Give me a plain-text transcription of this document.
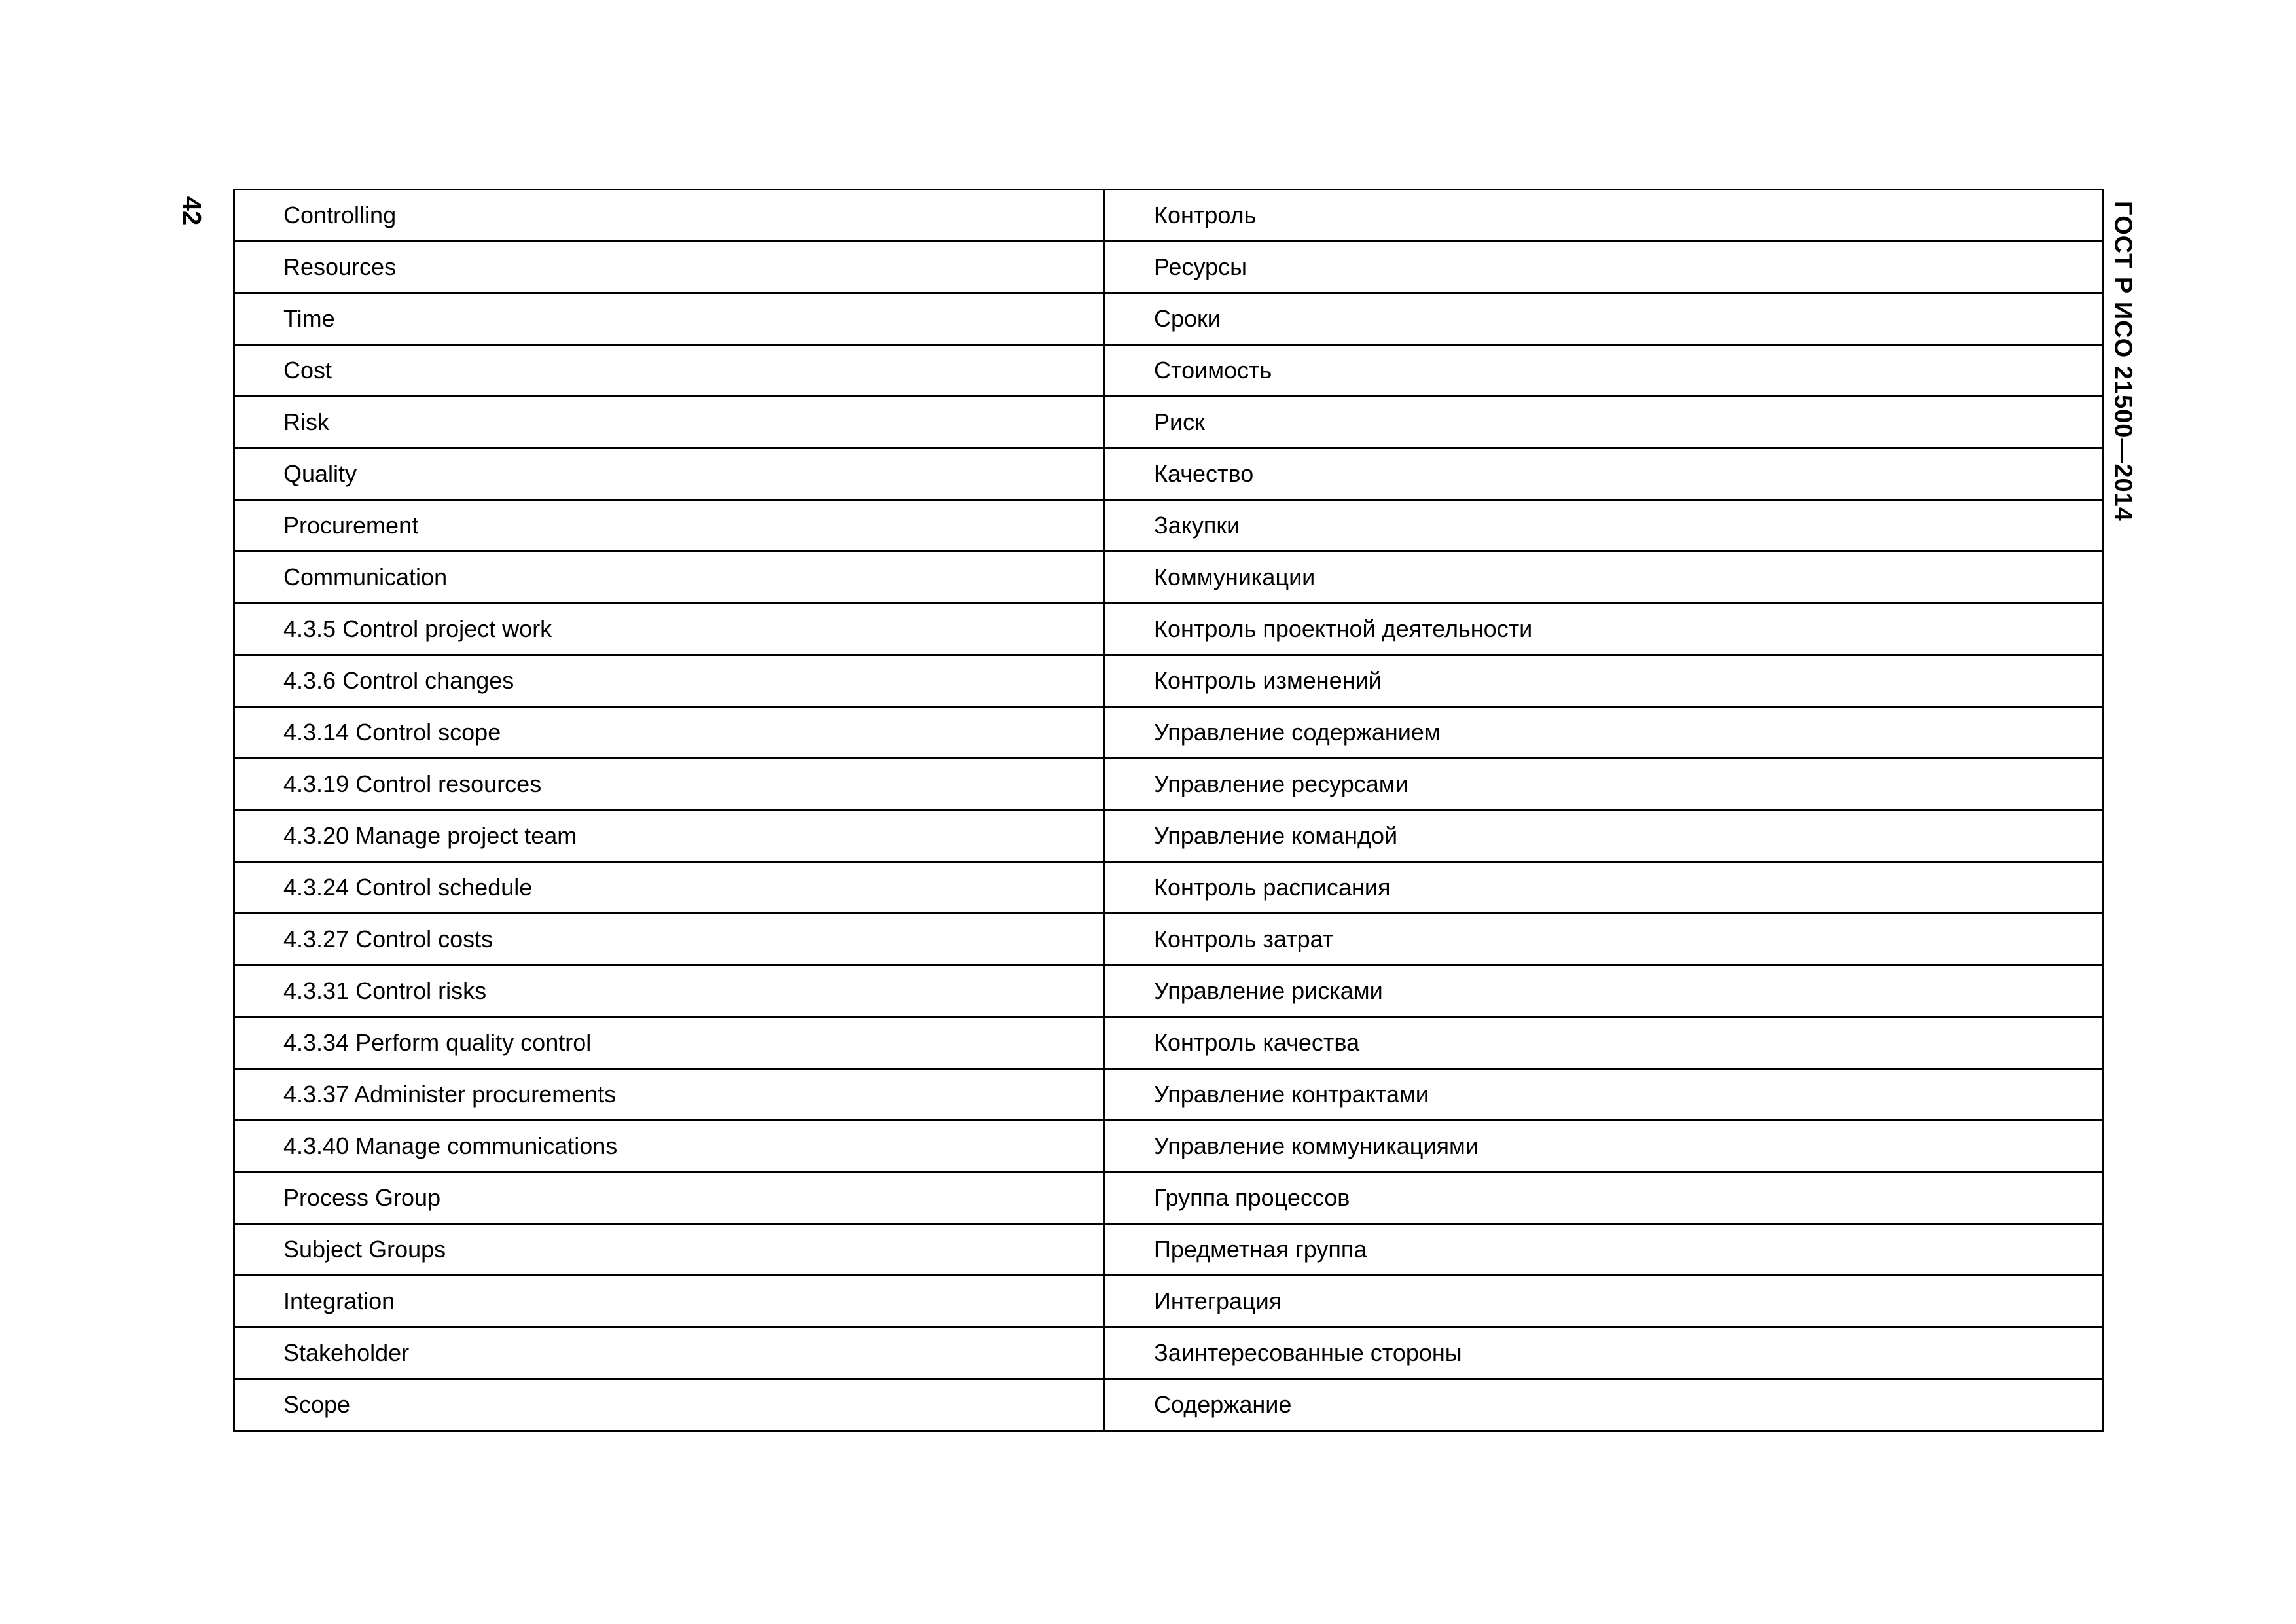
42	ГОСТ Р ИСО 21500—2014
Controlling	Контроль
Resources	Ресурсы
Time	Сроки
Cost	Стоимость
Risk	Риск
Quality	Качество
Procurement	Закупки
Communication	Коммуникации
4.3.5 Control project work	Контроль проектной деятельности
4.3.6 Control changes	Контроль изменений
4.3.14 Control scope	Управление содержанием
4.3.19 Control resources	Управление ресурсами
4.3.20 Manage project team	Управление командой
4.3.24 Control schedule	Контроль расписания
4.3.27 Control costs	Контроль затрат
4.3.31 Control risks	Управление рисками
4.3.34 Perform quality control	Контроль качества
4.3.37 Administer procurements	Управление контрактами
4.3.40 Manage communications	Управление коммуникациями
Process Group	Группа процессов
Subject Groups	Предметная группа
Integration	Интеграция
Stakeholder	Заинтересованные стороны
Scope	Содержание
